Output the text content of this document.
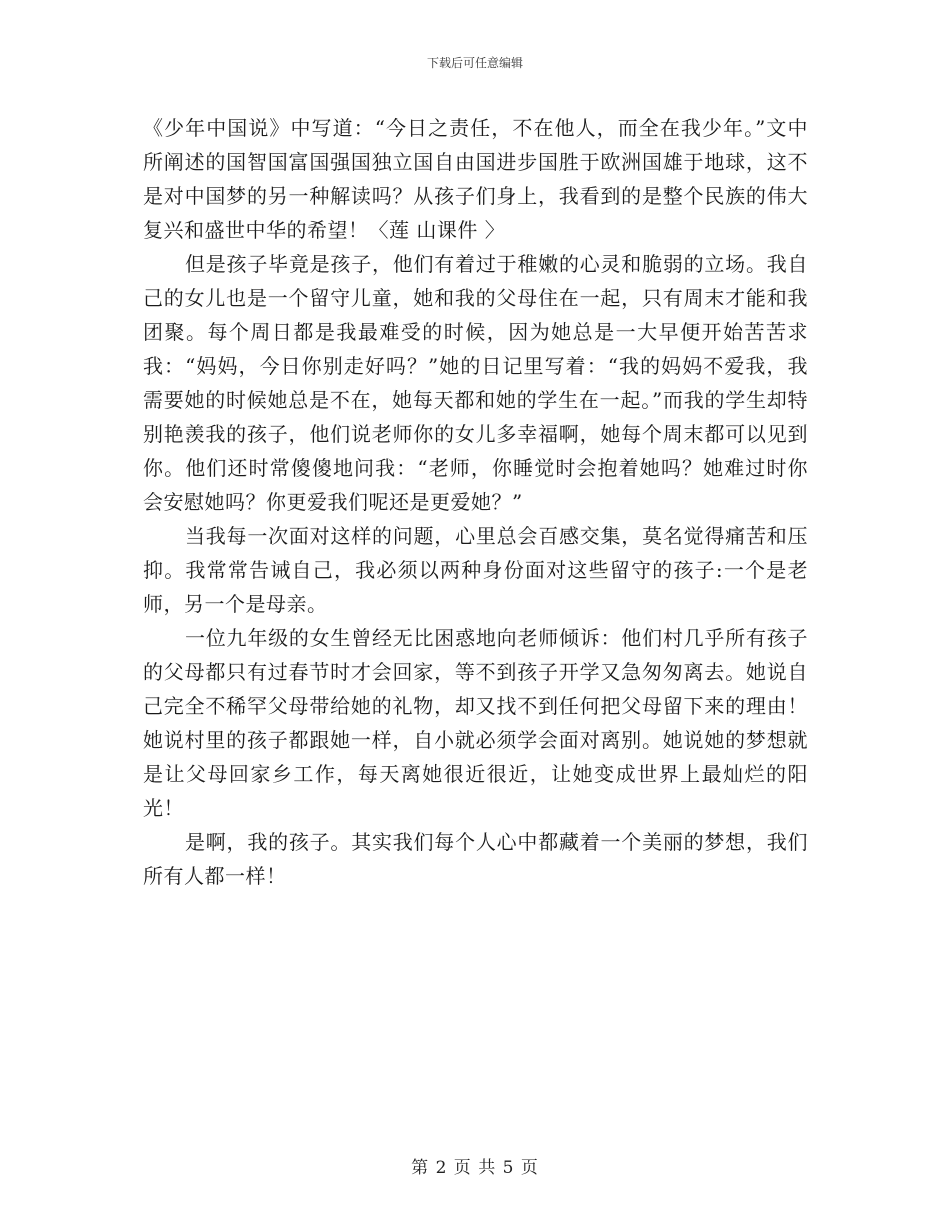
下载后可任意编辑

《少年中国说》中写道：“今日之责任，不在他人，而全在我少年。”文中所阐述的国智国富国强国独立国自由国进步国胜于欧洲国雄于地球，这不是对中国梦的另一种解读吗？从孩子们身上，我看到的是整个民族的伟大复兴和盛世中华的希望！〈莲 山课件 〉

但是孩子毕竟是孩子，他们有着过于稚嫩的心灵和脆弱的立场。我自己的女儿也是一个留守儿童，她和我的父母住在一起，只有周末才能和我团聚。每个周日都是我最难受的时候，因为她总是一大早便开始苦苦求我：“妈妈，今日你别走好吗？”她的日记里写着：“我的妈妈不爱我，我需要她的时候她总是不在，她每天都和她的学生在一起。”而我的学生却特别艳羡我的孩子，他们说老师你的女儿多幸福啊，她每个周末都可以见到你。他们还时常傻傻地问我：“老师，你睡觉时会抱着她吗？她难过时你会安慰她吗？你更爱我们呢还是更爱她？”

当我每一次面对这样的问题，心里总会百感交集，莫名觉得痛苦和压抑。我常常告诫自己，我必须以两种身份面对这些留守的孩子:一个是老师，另一个是母亲。

一位九年级的女生曾经无比困惑地向老师倾诉：他们村几乎所有孩子的父母都只有过春节时才会回家，等不到孩子开学又急匆匆离去。她说自己完全不稀罕父母带给她的礼物，却又找不到任何把父母留下来的理由！她说村里的孩子都跟她一样，自小就必须学会面对离别。她说她的梦想就是让父母回家乡工作，每天离她很近很近，让她变成世界上最灿烂的阳光！

是啊，我的孩子。其实我们每个人心中都藏着一个美丽的梦想，我们所有人都一样！

第 2 页 共 5 页
